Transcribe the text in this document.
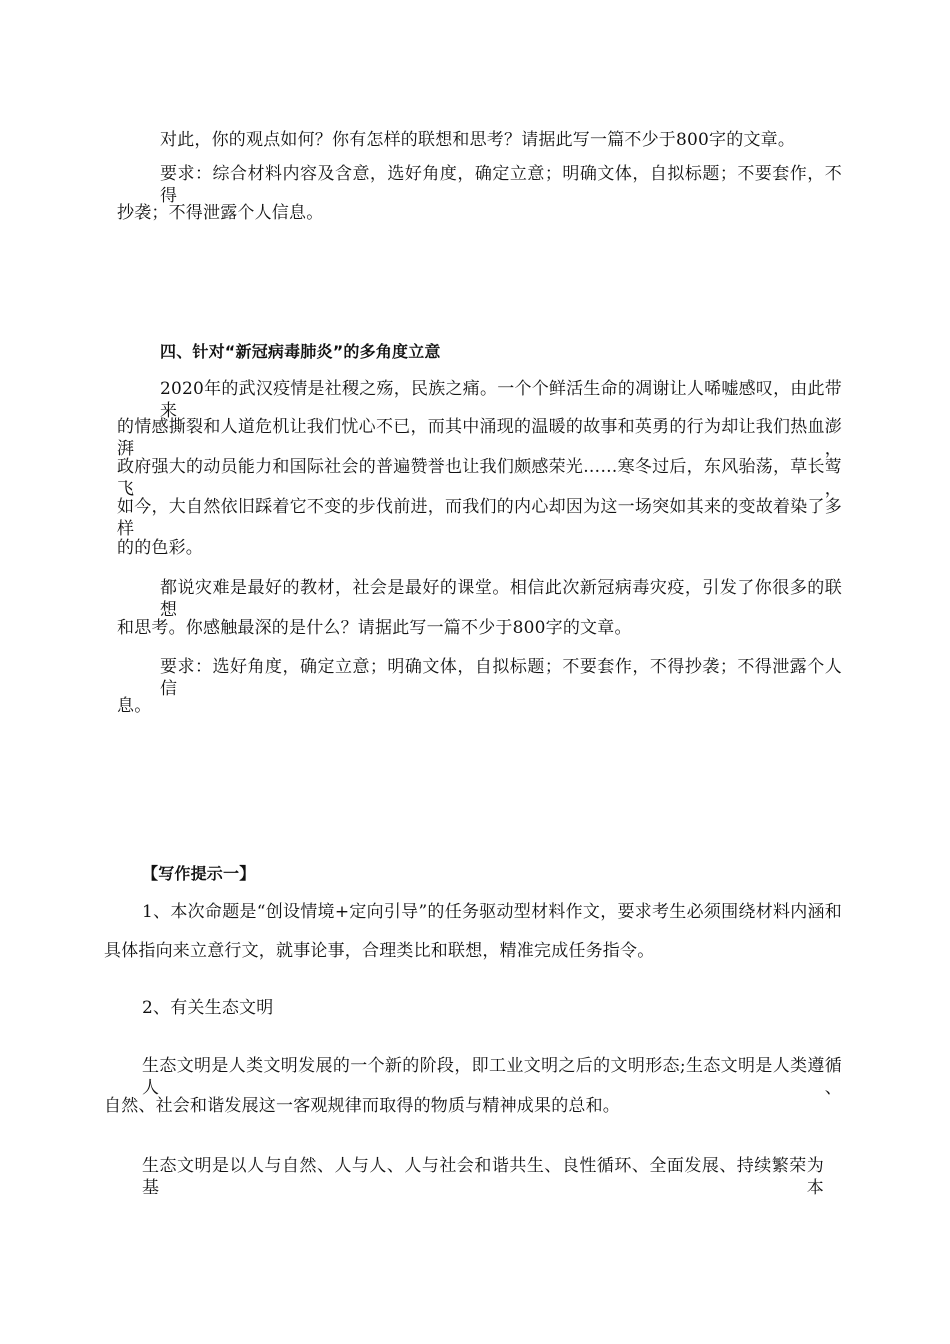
对此，你的观点如何？你有怎样的联想和思考？请据此写一篇不少于800字的文章。
要求：综合材料内容及含意，选好角度，确定立意；明确文体，自拟标题；不要套作，不得
抄袭；不得泄露个人信息。
四、针对“新冠病毒肺炎”的多角度立意
2020年的武汉疫情是社稷之殇，民族之痛。一个个鲜活生命的凋谢让人唏嘘感叹，由此带来
的情感撕裂和人道危机让我们忧心不已，而其中涌现的温暖的故事和英勇的行为却让我们热血澎湃，
政府强大的动员能力和国际社会的普遍赞誉也让我们颇感荣光……寒冬过后，东风骀荡，草长莺飞，
如今，大自然依旧踩着它不变的步伐前进，而我们的内心却因为这一场突如其来的变故着染了多样
的的色彩。
都说灾难是最好的教材，社会是最好的课堂。相信此次新冠病毒灾疫，引发了你很多的联想
和思考。你感触最深的是什么？请据此写一篇不少于800字的文章。
要求：选好角度，确定立意；明确文体，自拟标题；不要套作，不得抄袭；不得泄露个人信
息。
【写作提示一】
1、本次命题是“创设情境+定向引导”的任务驱动型材料作文，要求考生必须围绕材料内涵和
具体指向来立意行文，就事论事，合理类比和联想，精准完成任务指令。
2、有关生态文明
生态文明是人类文明发展的一个新的阶段，即工业文明之后的文明形态;生态文明是人类遵循人、
自然、社会和谐发展这一客观规律而取得的物质与精神成果的总和。
生态文明是以人与自然、人与人、人与社会和谐共生、良性循环、全面发展、持续繁荣为基本
